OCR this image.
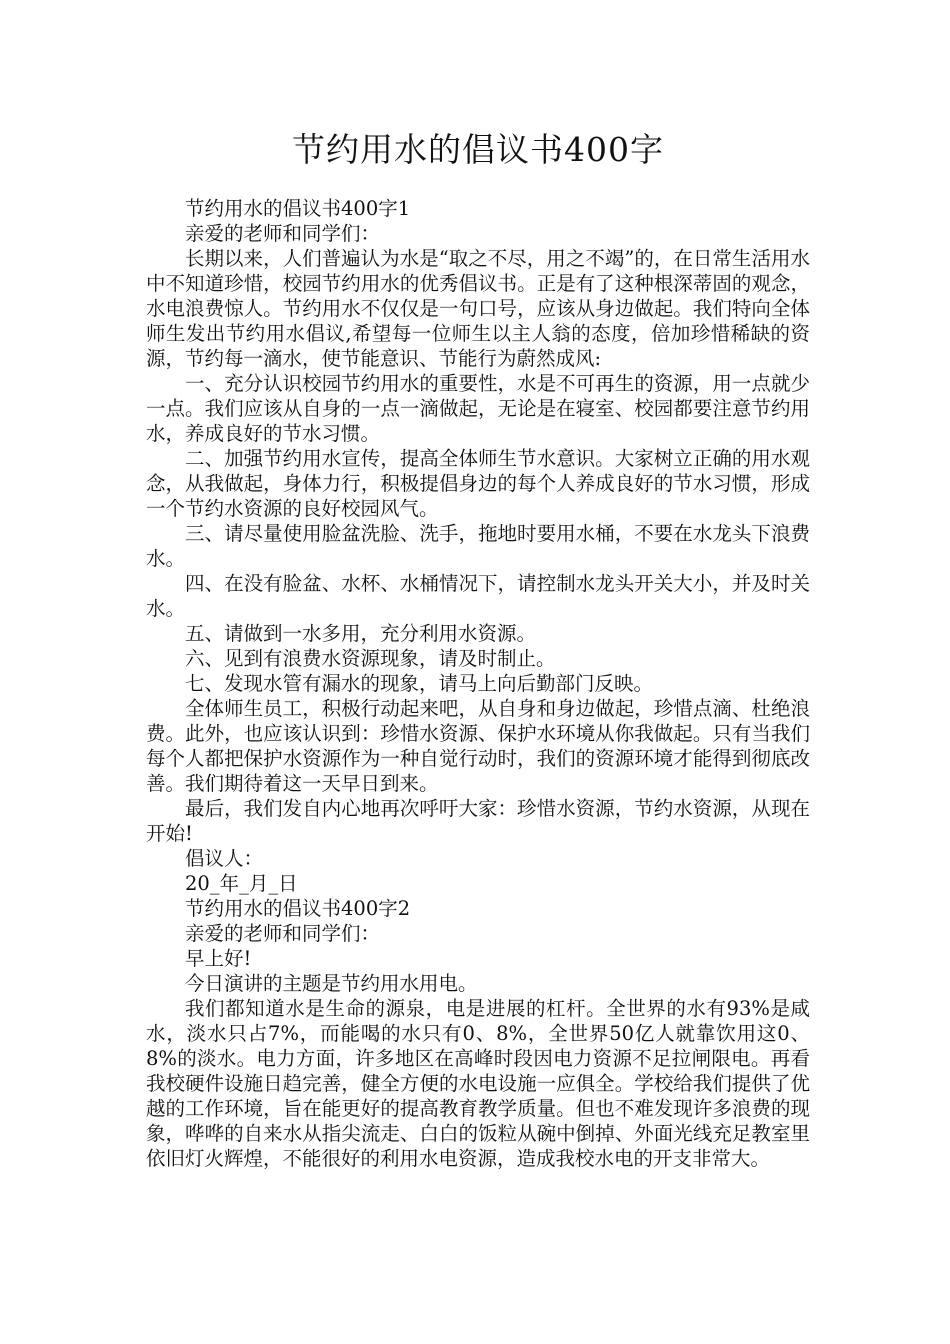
节约用水的倡议书400字

节约用水的倡议书400字1

亲爱的老师和同学们：

长期以来，人们普遍认为水是“取之不尽，用之不竭”的，在日常生活用水中不知道珍惜，校园节约用水的优秀倡议书。正是有了这种根深蒂固的观念，水电浪费惊人。节约用水不仅仅是一句口号，应该从身边做起。我们特向全体师生发出节约用水倡议,希望每一位师生以主人翁的态度，倍加珍惜稀缺的资源，节约每一滴水，使节能意识、节能行为蔚然成风:

一、充分认识校园节约用水的重要性，水是不可再生的资源，用一点就少一点。我们应该从自身的一点一滴做起，无论是在寝室、校园都要注意节约用水，养成良好的节水习惯。

二、加强节约用水宣传，提高全体师生节水意识。大家树立正确的用水观念，从我做起，身体力行，积极提倡身边的每个人养成良好的节水习惯，形成一个节约水资源的良好校园风气。

三、请尽量使用脸盆洗脸、洗手，拖地时要用水桶，不要在水龙头下浪费水。

四、在没有脸盆、水杯、水桶情况下，请控制水龙头开关大小，并及时关水。

五、请做到一水多用，充分利用水资源。

六、见到有浪费水资源现象，请及时制止。

七、发现水管有漏水的现象，请马上向后勤部门反映。

全体师生员工，积极行动起来吧，从自身和身边做起，珍惜点滴、杜绝浪费。此外，也应该认识到：珍惜水资源、保护水环境从你我做起。只有当我们每个人都把保护水资源作为一种自觉行动时，我们的资源环境才能得到彻底改善。我们期待着这一天早日到来。

最后，我们发自内心地再次呼吁大家：珍惜水资源，节约水资源，从现在开始!

倡议人：

20_年_月_日

节约用水的倡议书400字2

亲爱的老师和同学们：

早上好!

今日演讲的主题是节约用水用电。

我们都知道水是生命的源泉，电是进展的杠杆。全世界的水有93%是咸水，淡水只占7%，而能喝的水只有0、8%，全世界50亿人就靠饮用这0、8%的淡水。电力方面，许多地区在高峰时段因电力资源不足拉闸限电。再看我校硬件设施日趋完善，健全方便的水电设施一应俱全。学校给我们提供了优越的工作环境，旨在能更好的提高教育教学质量。但也不难发现许多浪费的现象，哗哗的自来水从指尖流走、白白的饭粒从碗中倒掉、外面光线充足教室里依旧灯火辉煌，不能很好的利用水电资源，造成我校水电的开支非常大。
